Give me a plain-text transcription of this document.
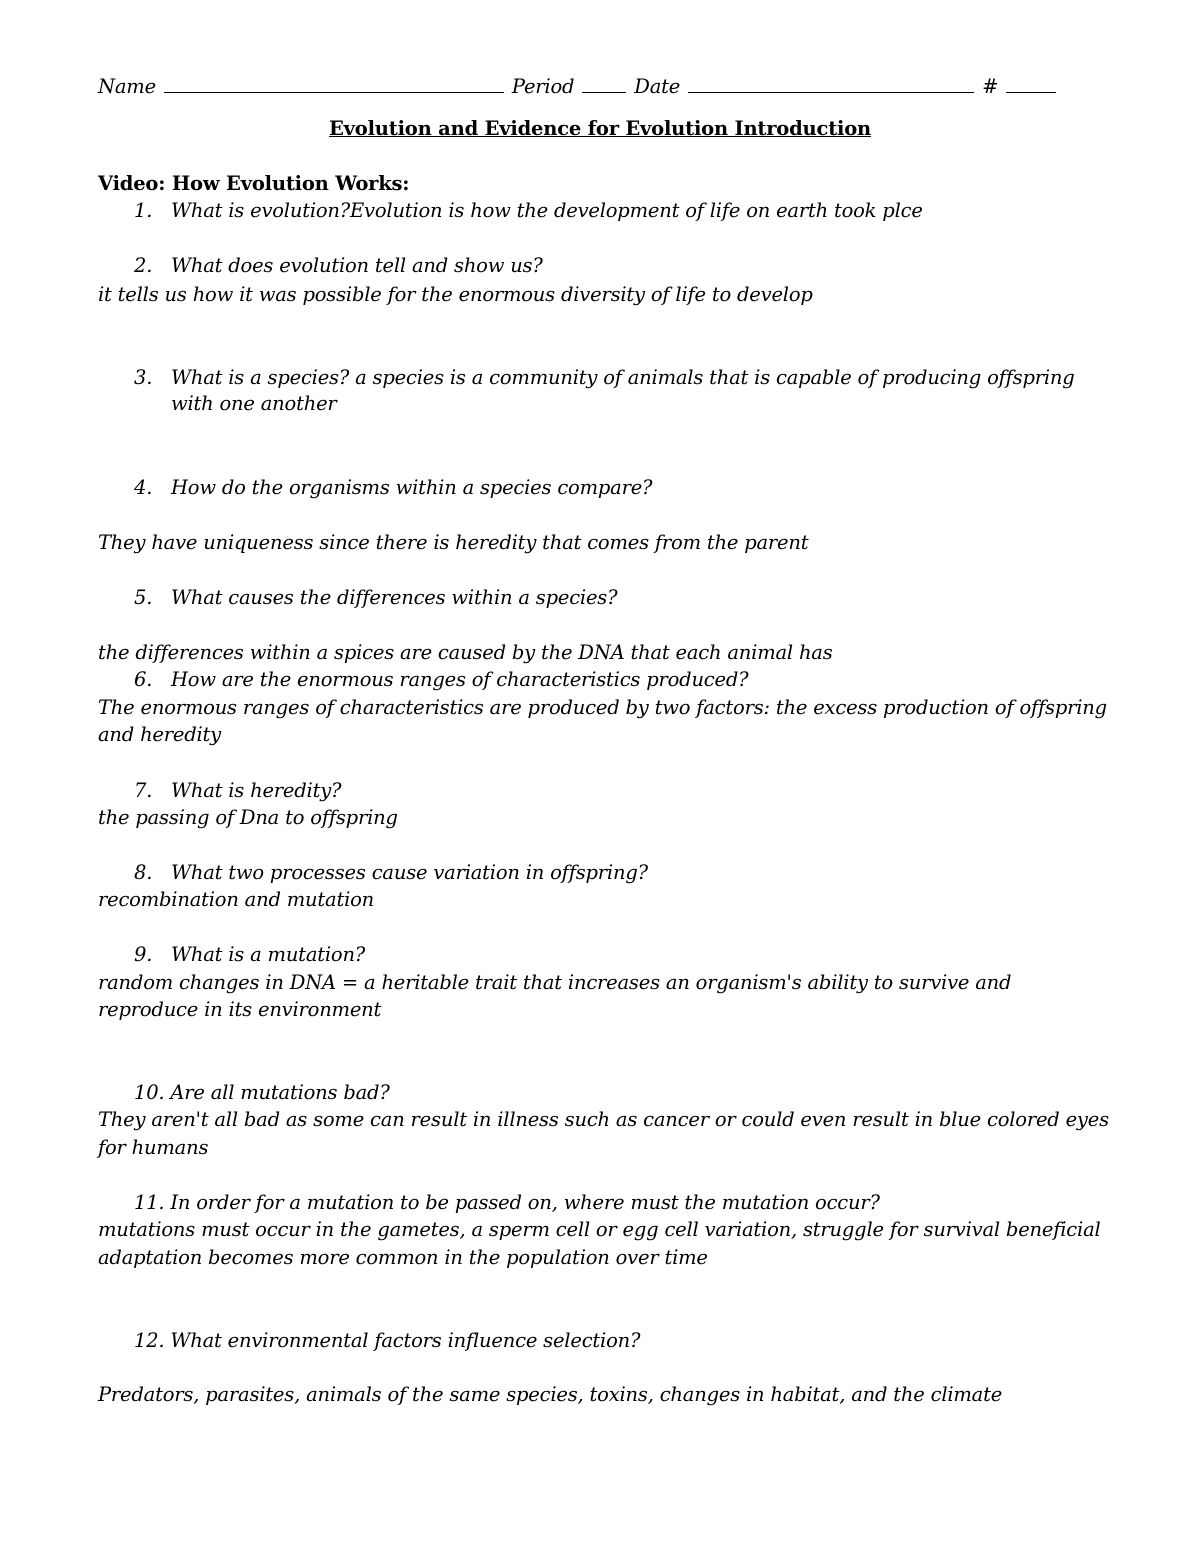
Name	Period	Date	#
Evolution and Evidence for Evolution Introduction
Video: How Evolution Works:
1. What is evolution?Evolution is how the development of life on earth took plce
2. What does evolution tell and show us?
it tells us how it was possible for the enormous diversity of life to develop
3. What is a species? a species is a community of animals that is capable of producing offspring
with one another
4. How do the organisms within a species compare?
They have uniqueness since there is heredity that comes from the parent
5. What causes the differences within a species?
the differences within a spices are caused by the DNA that each animal has
6. How are the enormous ranges of characteristics produced?
The enormous ranges of characteristics are produced by two factors: the excess production of offspring
and heredity
7. What is heredity?
the passing of Dna to offspring
8. What two processes cause variation in offspring?
recombination and mutation
9. What is a mutation?
random changes in DNA = a heritable trait that increases an organism's ability to survive and
reproduce in its environment
10. Are all mutations bad?
They aren't all bad as some can result in illness such as cancer or could even result in blue colored eyes
for humans
11. In order for a mutation to be passed on, where must the mutation occur?
mutations must occur in the gametes, a sperm cell or egg cell variation, struggle for survival beneficial
adaptation becomes more common in the population over time
12. What environmental factors influence selection?
Predators, parasites, animals of the same species, toxins, changes in habitat, and the climate
